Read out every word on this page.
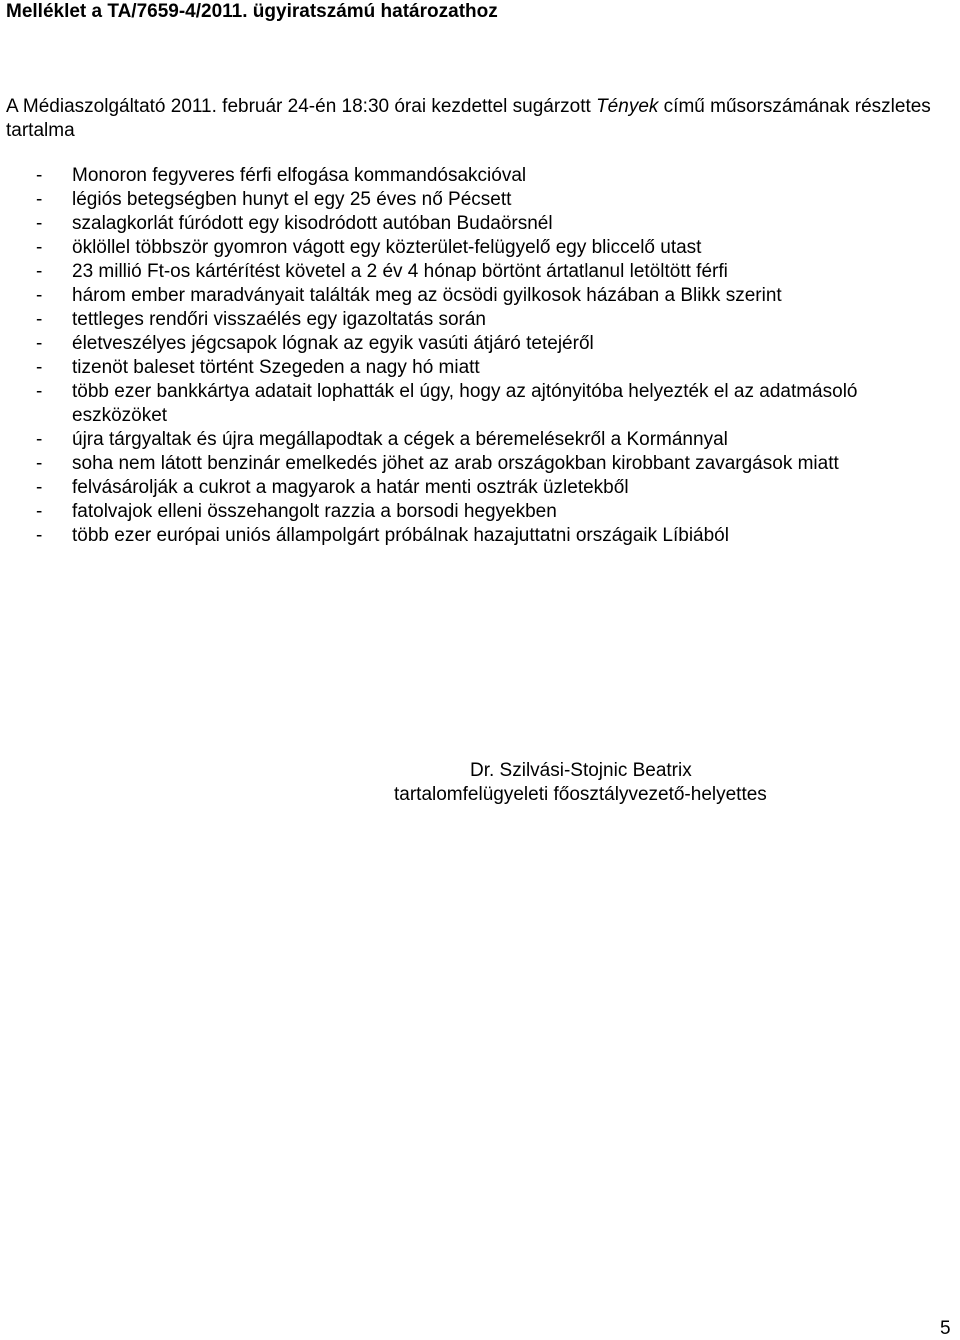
Melléklet a TA/7659-4/2011. ügyiratszámú határozathoz
A Médiaszolgáltató 2011. február 24-én 18:30 órai kezdettel sugárzott Tények című műsorszámának részletes tartalma
- Monoron fegyveres férfi elfogása kommandósakcióval
- légiós betegségben hunyt el egy 25 éves nő Pécsett
- szalagkorlát fúródott egy kisodródott autóban Budaörsnél
- öklöllel többször gyomron vágott egy közterület-felügyelő egy bliccelő utast
- 23 millió Ft-os kártérítést követel a 2 év 4 hónap börtönt ártatlanul letöltött férfi
- három ember maradványait találták meg az öcsödi gyilkosok házában a Blikk szerint
- tettleges rendőri visszaélés egy igazoltatás során
- életveszélyes jégcsapok lógnak az egyik vasúti átjáró tetejéről
- tizenöt baleset történt Szegeden a nagy hó miatt
- több ezer bankkártya adatait lophatták el úgy, hogy az ajtónyitóba helyezték el az adatmásoló eszközöket
- újra tárgyaltak és újra megállapodtak a cégek a béremelésekről a Kormánnyal
- soha nem látott benzinár emelkedés jöhet az arab országokban kirobbant zavargások miatt
- felvásárolják a cukrot a magyarok a határ menti osztrák üzletekből
- fatolvajok elleni összehangolt razzia a borsodi hegyekben
- több ezer európai uniós állampolgárt próbálnak hazajuttatni országaik Líbiából
Dr. Szilvási-Stojnic Beatrix
tartalomfelügyeleti főosztályvezető-helyettes
5
